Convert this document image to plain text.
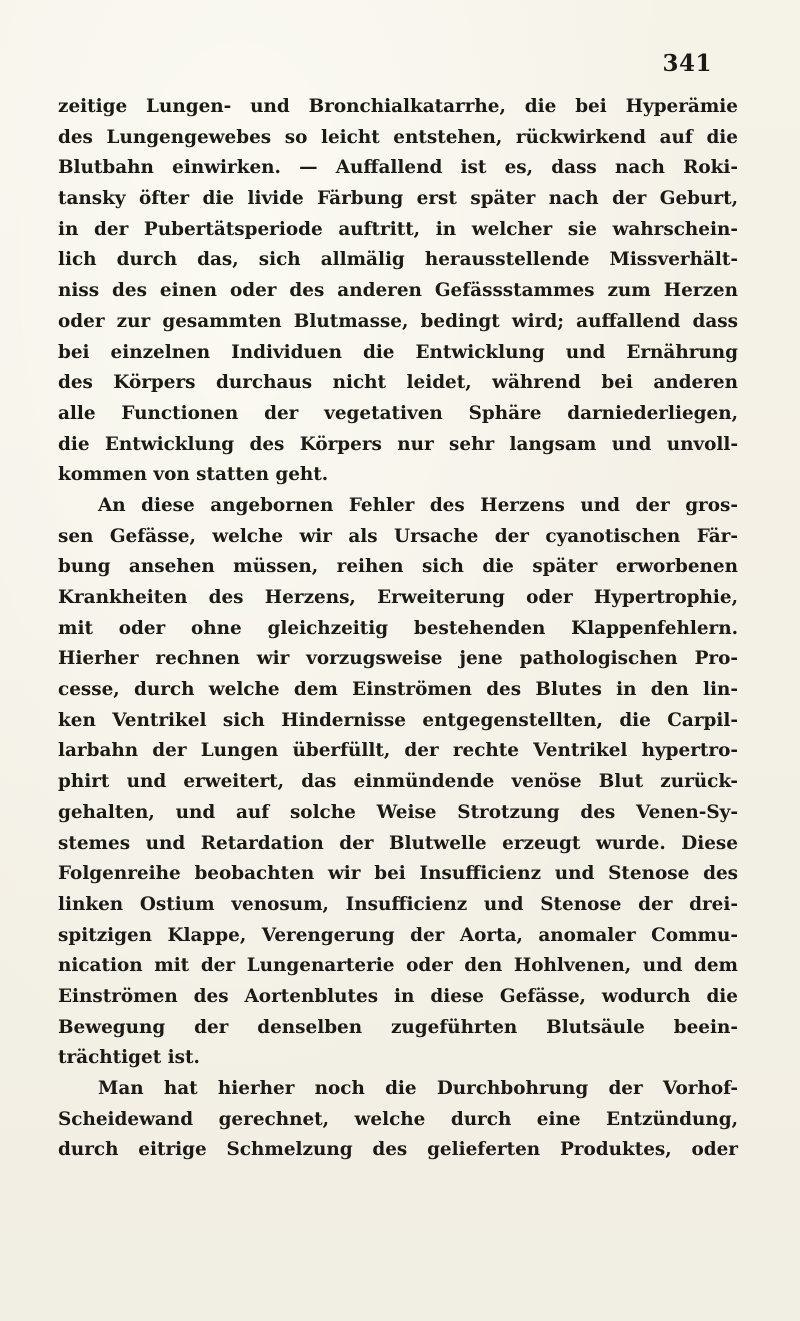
341
zeitige Lungen- und Bronchialkatarrhe, die bei Hyperämie
des Lungengewebes so leicht entstehen, rückwirkend auf die
Blutbahn einwirken. — Auffallend ist es, dass nach Roki-
tansky öfter die livide Färbung erst später nach der Geburt,
in der Pubertätsperiode auftritt, in welcher sie wahrschein-
lich durch das, sich allmälig herausstellende Missverhält-
niss des einen oder des anderen Gefässstammes zum Herzen
oder zur gesammten Blutmasse, bedingt wird; auffallend dass
bei einzelnen Individuen die Entwicklung und Ernährung
des Körpers durchaus nicht leidet, während bei anderen
alle Functionen der vegetativen Sphäre darniederliegen,
die Entwicklung des Körpers nur sehr langsam und unvoll-
kommen von statten geht.
An diese angebornen Fehler des Herzens und der gros-
sen Gefässe, welche wir als Ursache der cyanotischen Fär-
bung ansehen müssen, reihen sich die später erworbenen
Krankheiten des Herzens, Erweiterung oder Hypertrophie,
mit oder ohne gleichzeitig bestehenden Klappenfehlern.
Hierher rechnen wir vorzugsweise jene pathologischen Pro-
cesse, durch welche dem Einströmen des Blutes in den lin-
ken Ventrikel sich Hindernisse entgegenstellten, die Carpil-
larbahn der Lungen überfüllt, der rechte Ventrikel hypertro-
phirt und erweitert, das einmündende venöse Blut zurück-
gehalten, und auf solche Weise Strotzung des Venen-Sy-
stemes und Retardation der Blutwelle erzeugt wurde. Diese
Folgenreihe beobachten wir bei Insufficienz und Stenose des
linken Ostium venosum, Insufficienz und Stenose der drei-
spitzigen Klappe, Verengerung der Aorta, anomaler Commu-
nication mit der Lungenarterie oder den Hohlvenen, und dem
Einströmen des Aortenblutes in diese Gefässe, wodurch die
Bewegung der denselben zugeführten Blutsäule beein-
trächtiget ist.
Man hat hierher noch die Durchbohrung der Vorhof-
Scheidewand gerechnet, welche durch eine Entzündung,
durch eitrige Schmelzung des gelieferten Produktes, oder
